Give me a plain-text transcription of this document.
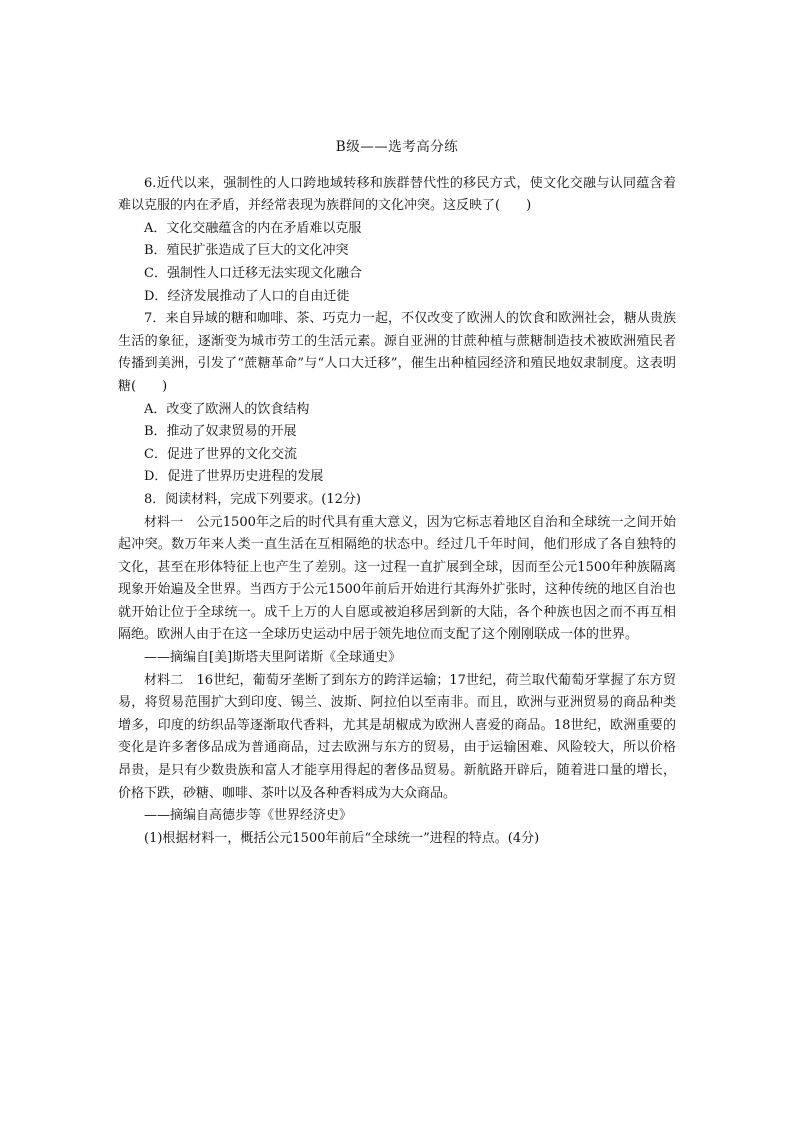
B级——选考高分练

6.近代以来，强制性的人口跨地域转移和族群替代性的移民方式，使文化交融与认同蕴含着难以克服的内在矛盾，并经常表现为族群间的文化冲突。这反映了(　　)

A．文化交融蕴含的内在矛盾难以克服

B．殖民扩张造成了巨大的文化冲突

C．强制性人口迁移无法实现文化融合

D．经济发展推动了人口的自由迁徙

7．来自异域的糖和咖啡、茶、巧克力一起，不仅改变了欧洲人的饮食和欧洲社会，糖从贵族生活的象征，逐渐变为城市劳工的生活元素。源自亚洲的甘蔗种植与蔗糖制造技术被欧洲殖民者传播到美洲，引发了“蔗糖革命”与“人口大迁移”，催生出种植园经济和殖民地奴隶制度。这表明糖(　　)

A．改变了欧洲人的饮食结构

B．推动了奴隶贸易的开展

C．促进了世界的文化交流

D．促进了世界历史进程的发展

8．阅读材料，完成下列要求。(12分)

材料一　公元1500年之后的时代具有重大意义，因为它标志着地区自治和全球统一之间开始起冲突。数万年来人类一直生活在互相隔绝的状态中。经过几千年时间，他们形成了各自独特的文化，甚至在形体特征上也产生了差别。这一过程一直扩展到全球，因而至公元1500年种族隔离现象开始遍及全世界。当西方于公元1500年前后开始进行其海外扩张时，这种传统的地区自治也就开始让位于全球统一。成千上万的人自愿或被迫移居到新的大陆，各个种族也因之而不再互相隔绝。欧洲人由于在这一全球历史运动中居于领先地位而支配了这个刚刚联成一体的世界。

——摘编自[美]斯塔夫里阿诺斯《全球通史》

材料二　16世纪，葡萄牙垄断了到东方的跨洋运输；17世纪，荷兰取代葡萄牙掌握了东方贸易，将贸易范围扩大到印度、锡兰、波斯、阿拉伯以至南非。而且，欧洲与亚洲贸易的商品种类增多，印度的纺织品等逐渐取代香料，尤其是胡椒成为欧洲人喜爱的商品。18世纪，欧洲重要的变化是许多奢侈品成为普通商品，过去欧洲与东方的贸易，由于运输困难、风险较大，所以价格昂贵，是只有少数贵族和富人才能享用得起的奢侈品贸易。新航路开辟后，随着进口量的增长，价格下跌，砂糖、咖啡、茶叶以及各种香料成为大众商品。

——摘编自高德步等《世界经济史》

(1)根据材料一，概括公元1500年前后“全球统一”进程的特点。(4分)
